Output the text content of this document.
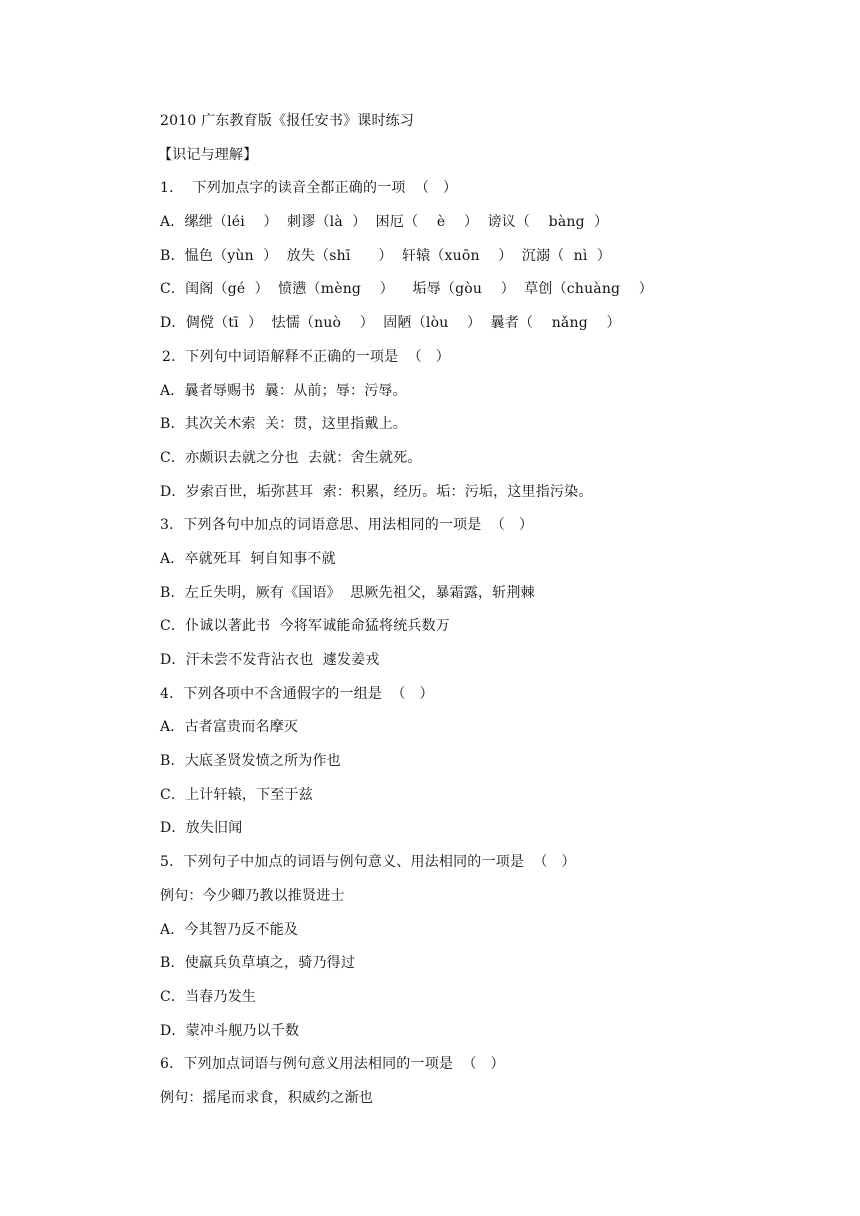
2010 广东教育版《报任安书》课时练习
【识记与理解】
1．  下列加点字的读音全都正确的一项  （   ）
A．缧绁（léi    ）  刺谬（là  ）  困厄（    è    ）  谤议（    bàng  ）
B．愠色（yùn  ）  放失（shī      ）  轩辕（xuōn    ）  沉溺（  nì  ）
C．闺阁（gé  ）  愤懑（mèng    ）    垢辱（gòu    ）  草创（chuàng    ）
D．倜傥（tī  ）  怯懦（nuò    ）  固陋（lòu    ）  曩者（    nǎng    ）
2．下列句中词语解释不正确的一项是  （   ）
A．曩者辱赐书  曩：从前；辱：污辱。
B．其次关木索  关：贯，这里指戴上。
C．亦颇识去就之分也  去就：舍生就死。
D．岁索百世，垢弥甚耳  索：积累，经历。垢：污垢，这里指污染。
3．下列各句中加点的词语意思、用法相同的一项是  （   ）
A．卒就死耳  轲自知事不就
B．左丘失明，厥有《国语》  思厥先祖父，暴霜露，斩荆棘
C．仆诚以著此书  今将军诚能命猛将统兵数万
D．汗未尝不发背沾衣也  遽发姜戎
4．下列各项中不含通假字的一组是  （   ）
A．古者富贵而名摩灭
B．大底圣贤发愤之所为作也
C．上计轩辕，下至于兹
D．放失旧闻
5．下列句子中加点的词语与例句意义、用法相同的一项是  （   ）
例句：今少卿乃教以推贤进士
A．今其智乃反不能及
B．使羸兵负草填之，骑乃得过
C．当春乃发生
D．蒙冲斗舰乃以千数
6．下列加点词语与例句意义用法相同的一项是  （   ）
例句：摇尾而求食，积威约之渐也
